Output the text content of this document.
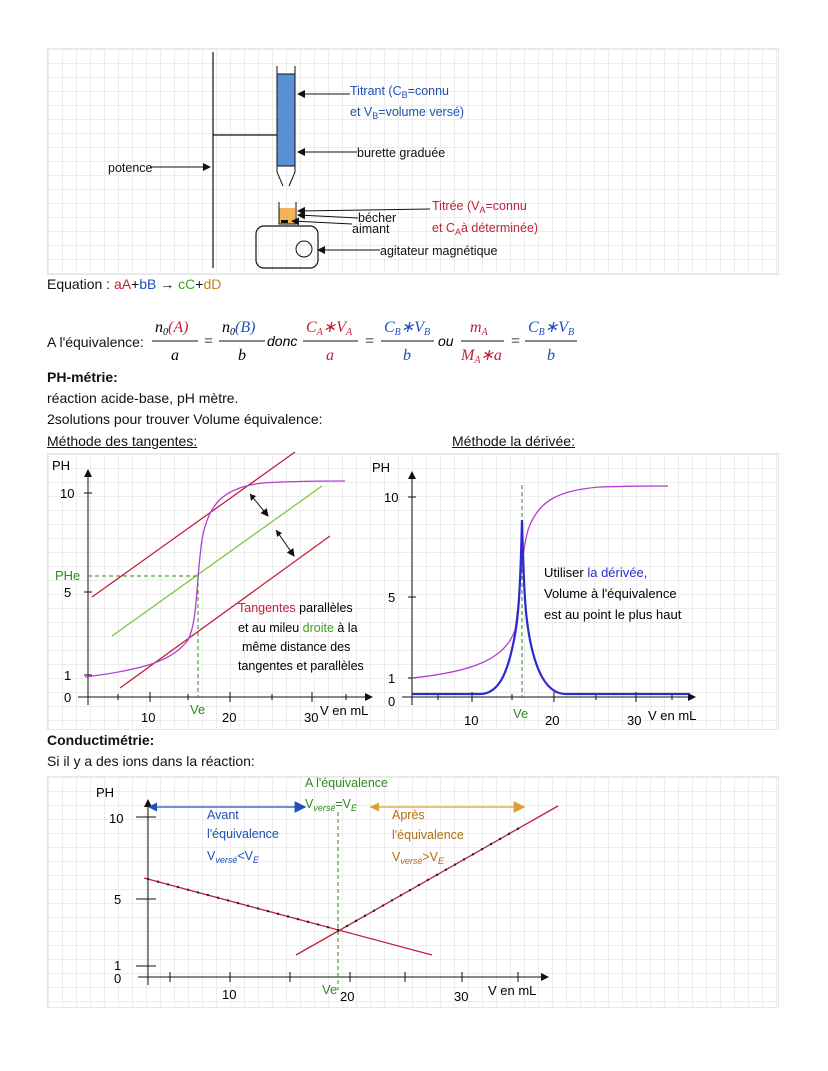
Titrant ($C_B=connu$
et $V_B=volume$ versé)
burette graduée
potence
Titrée ($V_A=connu$
et $C_Aà$ déterminée)
bécher
aimant
agitateur magnétique
Equation : aA+bB → cC+dD
A l'équivalence:
n0(A)
a
=
n0(B)
b
donc
CA∗VA
a
=
CB∗VB
b
ou
mA
MA∗a
=
CB∗VB
b
PH-métrie:
réaction acide-base, pH mètre.
2solutions pour trouver Volume équivalence:
Méthode des tangentes:	Méthode la dérivée:
PH
10
5
1
0
10	20	30 V en mL
PHe
Ve
Tangentes parallèles
et au mileu droite à la
même distance des
tangentes et parallèles
PH
10
5
1
0
10	20	30 V en mL
Ve
Utiliser la dérivée,
Volume à l'équivalence
est au point le plus haut
Conductimétrie:
Si il y a des ions dans la réaction:
PH
10
5
1
0
10	20	30 V en mL
Ve
A l'équivalence
$V_{versé}=V_E$
Avant
l'équivalence
$V_{versé}<V_E$
Après
l'équivalence
$V_{versé}>V_E$
